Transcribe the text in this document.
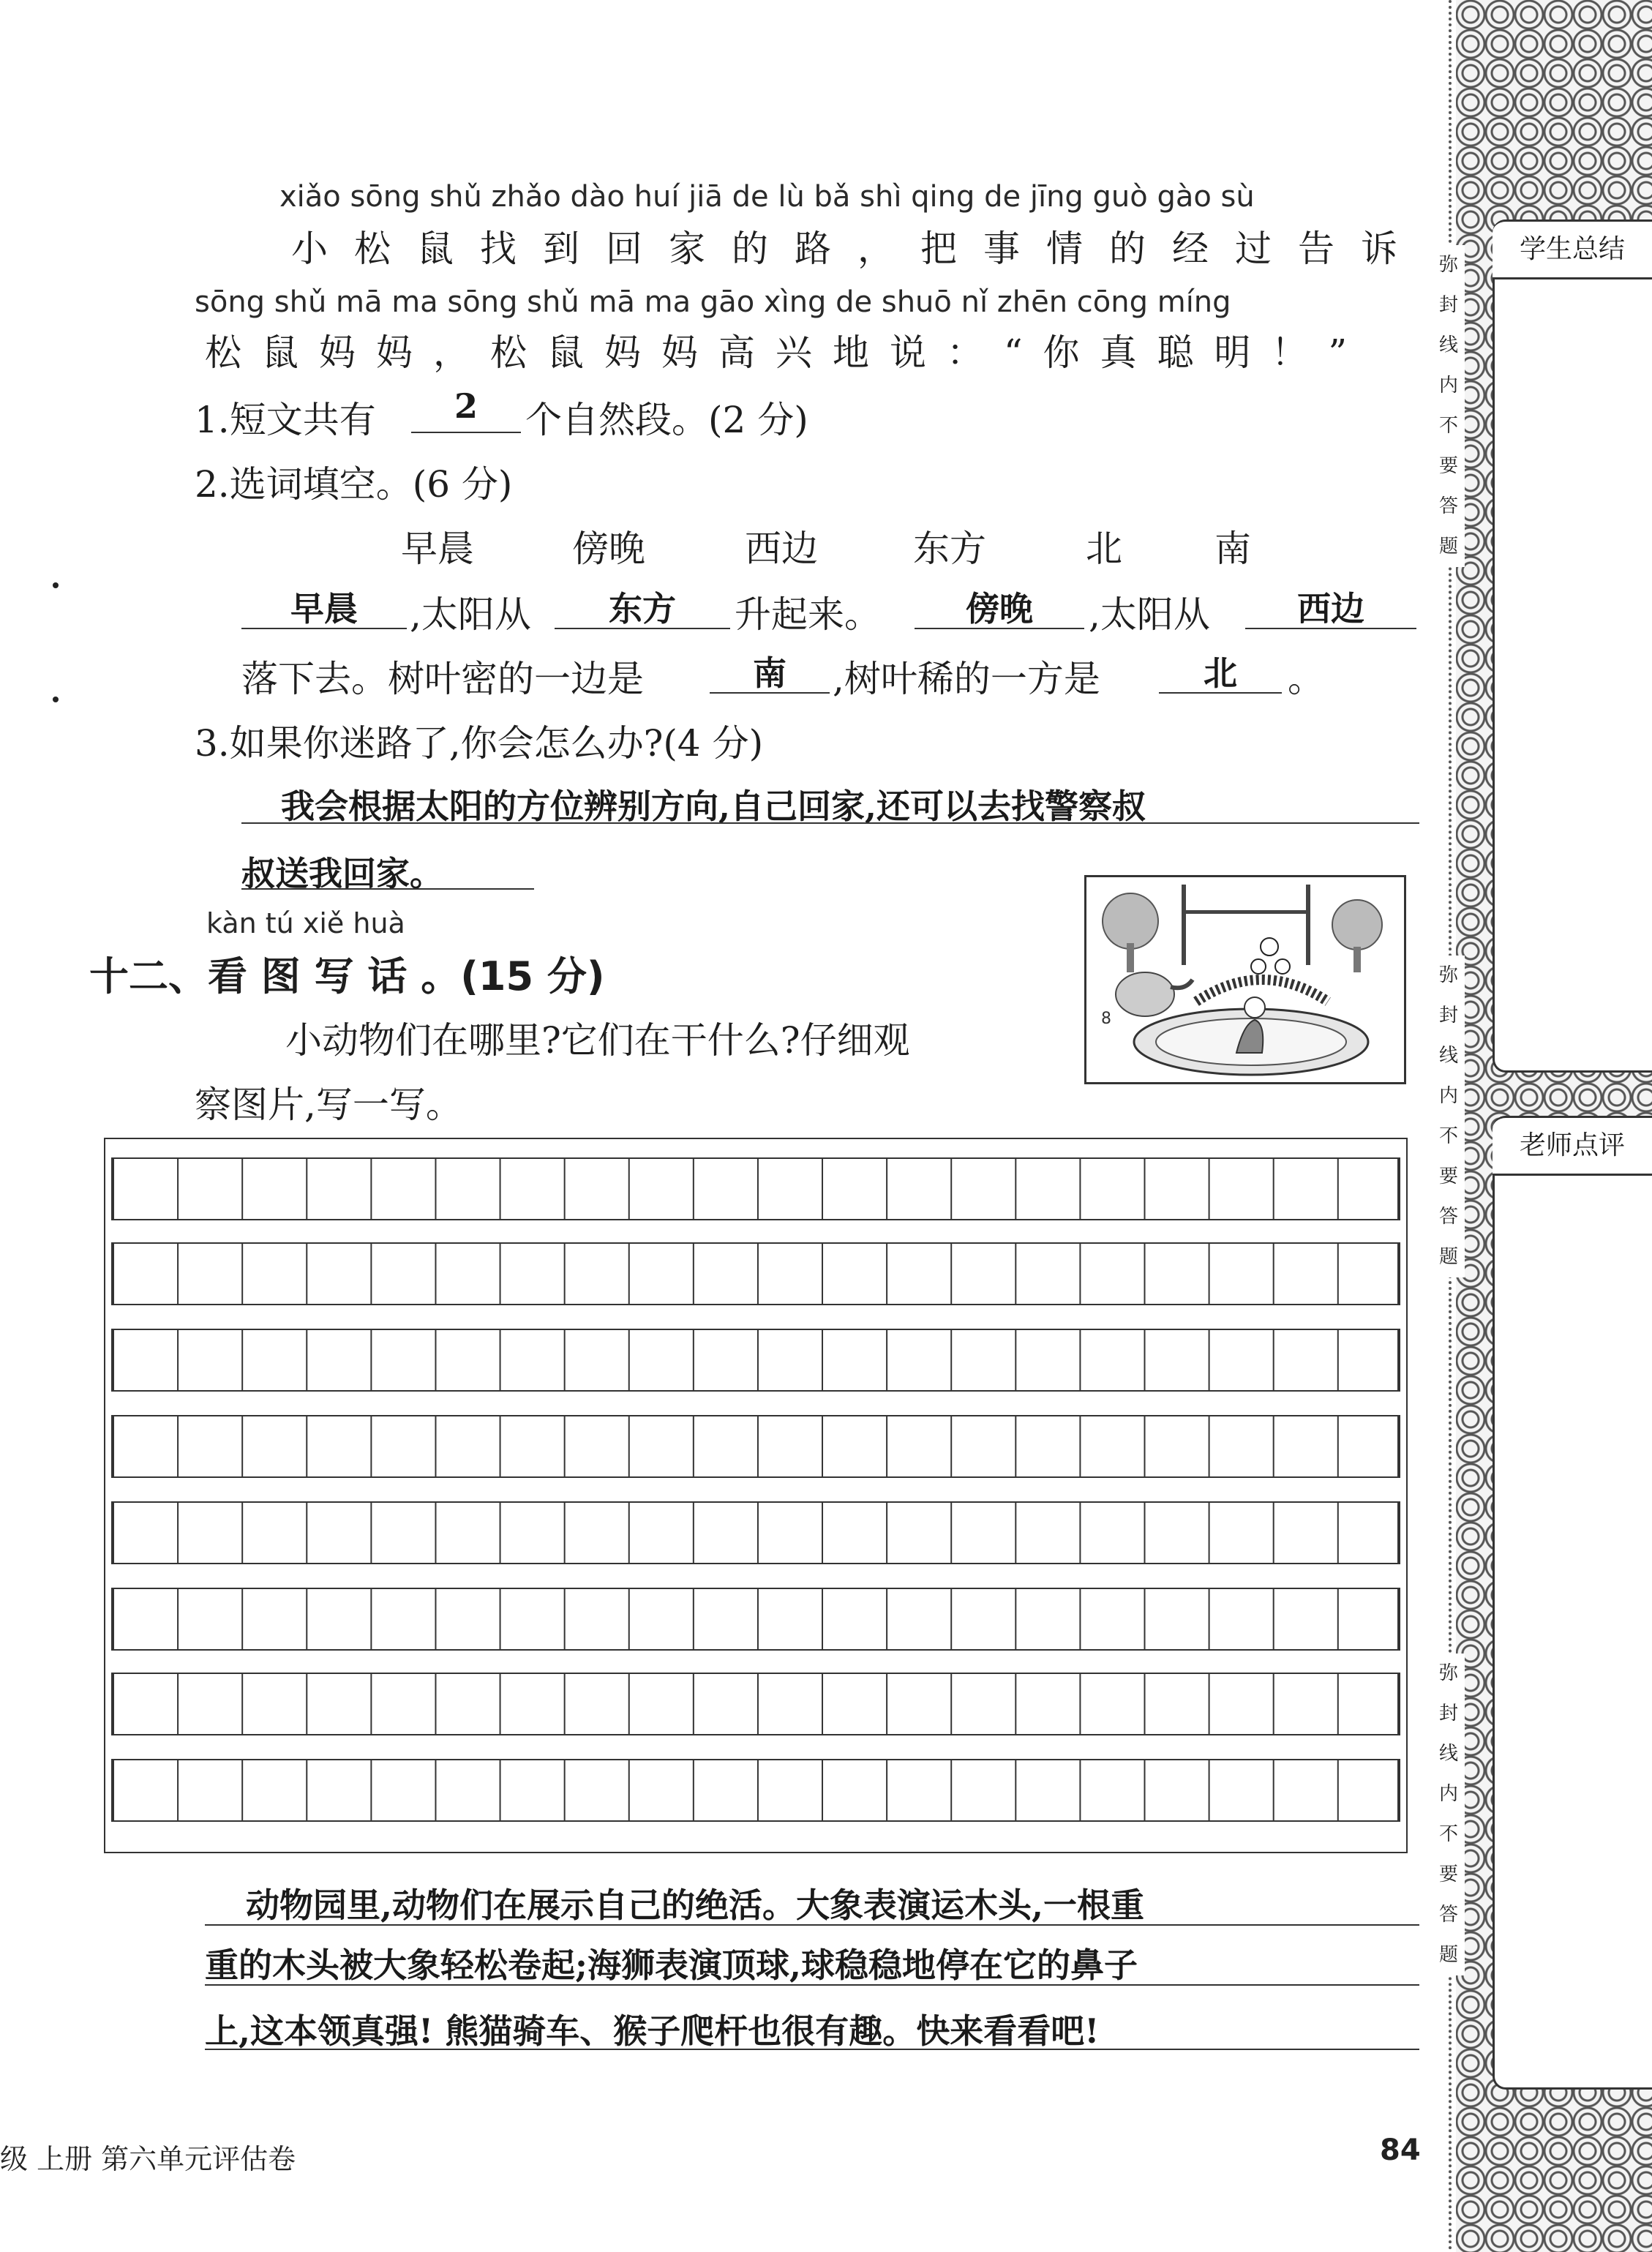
弥封线内不要答题
弥封线内不要答题
弥封线内不要答题
学生总结
老师点评
xiǎo sōng shǔ zhǎo dào huí jiā de lù bǎ shì qing de jīng guò gào sù
小松鼠找到回家的路，把事情的经过告诉
sōng shǔ mā ma sōng shǔ mā ma gāo xìng de shuō nǐ zhēn cōng míng
松鼠妈妈，松鼠妈妈高兴地说：“你真聪明！”
1.短文共有	2	个自然段。(2 分)
2.选词填空。(6 分)
早晨	傍晚	西边	东方	北	南
早晨	,太阳从	东方	升起来。	傍晚	,太阳从	西边
落下去。树叶密的一边是	南	,树叶稀的一方是	北	。
3.如果你迷路了,你会怎么办?(4 分)
我会根据太阳的方位辨别方向,自己回家,还可以去找警察叔
叔送我回家。
kàn tú xiě huà
十二、看 图 写 话 。(15 分)
小动物们在哪里?它们在干什么?仔细观
察图片,写一写。
8
动物园里,动物们在展示自己的绝活。大象表演运木头,一根重
重的木头被大象轻松卷起;海狮表演顶球,球稳稳地停在它的鼻子
上,这本领真强! 熊猫骑车、猴子爬杆也很有趣。快来看看吧!
级 上册 第六单元评估卷	84
